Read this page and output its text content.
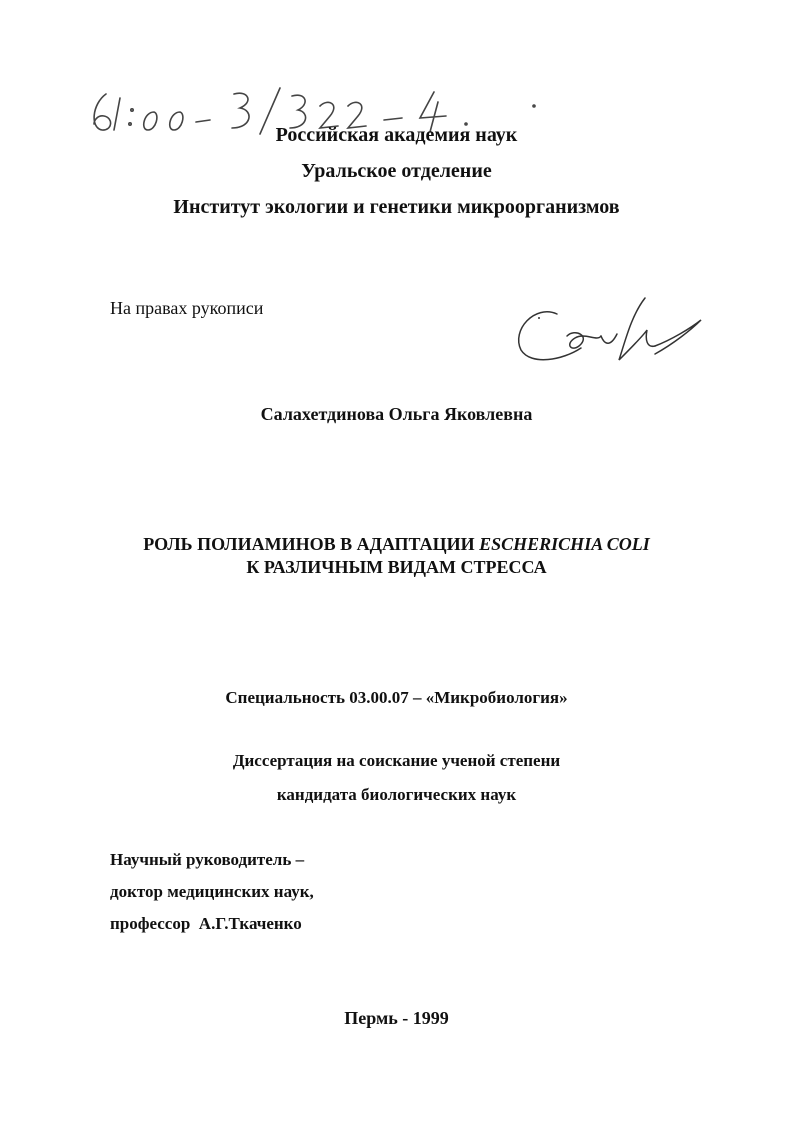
Российская академия наук
Уральское отделение
Институт экологии и генетики микроорганизмов
На правах рукописи
Салахетдинова Ольга Яковлевна
РОЛЬ ПОЛИАМИНОВ В АДАПТАЦИИ ESCHERICHIA COLI
К РАЗЛИЧНЫМ ВИДАМ СТРЕССА
Специальность 03.00.07 – «Микробиология»
Диссертация на соискание ученой степени
кандидата биологических наук
Научный руководитель –
доктор медицинских наук,
профессор  А.Г.Ткаченко
Пермь - 1999
